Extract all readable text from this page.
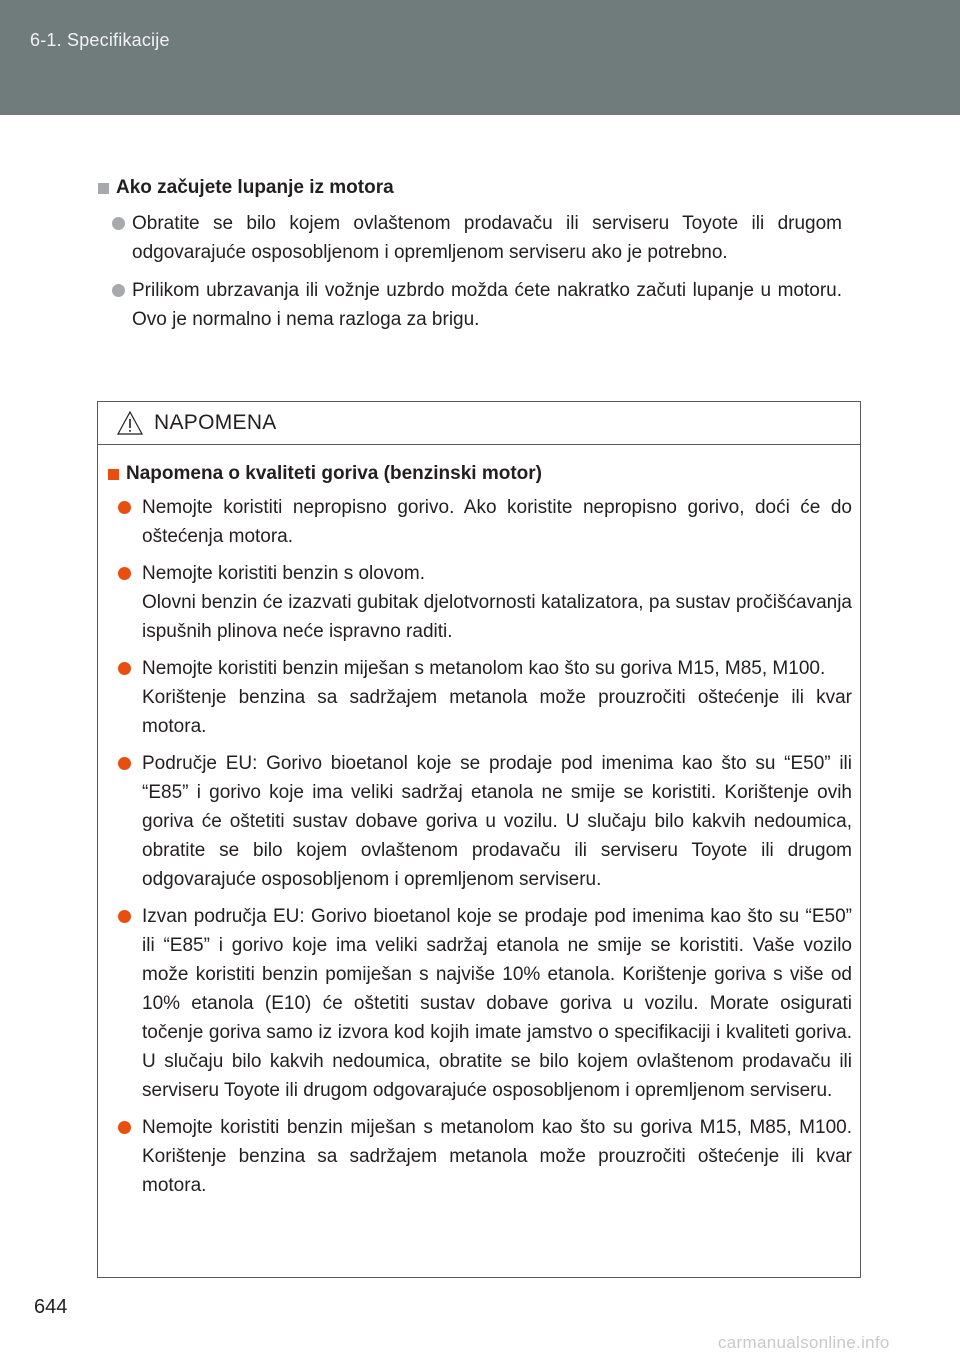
6-1. Specifikacije
Ako začujete lupanje iz motora
Obratite se bilo kojem ovlaštenom prodavaču ili serviseru Toyote ili drugom odgovarajuće osposobljenom i opremljenom serviseru ako je potrebno.
Prilikom ubrzavanja ili vožnje uzbrdo možda ćete nakratko začuti lupanje u motoru. Ovo je normalno i nema razloga za brigu.
NAPOMENA
Napomena o kvaliteti goriva (benzinski motor)
Nemojte koristiti nepropisno gorivo. Ako koristite nepropisno gorivo, doći će do oštećenja motora.
Nemojte koristiti benzin s olovom.
Olovni benzin će izazvati gubitak djelotvornosti katalizatora, pa sustav pročišćavanja ispušnih plinova neće ispravno raditi.
Nemojte koristiti benzin miješan s metanolom kao što su goriva M15, M85, M100.
Korištenje benzina sa sadržajem metanola može prouzročiti oštećenje ili kvar motora.
Područje EU: Gorivo bioetanol koje se prodaje pod imenima kao što su “E50” ili “E85” i gorivo koje ima veliki sadržaj etanola ne smije se koristiti. Korištenje ovih goriva će oštetiti sustav dobave goriva u vozilu. U slučaju bilo kakvih nedoumica, obratite se bilo kojem ovlaštenom prodavaču ili serviseru Toyote ili drugom odgovarajuće osposobljenom i opremljenom serviseru.
Izvan područja EU: Gorivo bioetanol koje se prodaje pod imenima kao što su “E50” ili “E85” i gorivo koje ima veliki sadržaj etanola ne smije se koristiti. Vaše vozilo može koristiti benzin pomiješan s najviše 10% etanola. Korištenje goriva s više od 10% etanola (E10) će oštetiti sustav dobave goriva u vozilu. Morate osigurati točenje goriva samo iz izvora kod kojih imate jamstvo o specifikaciji i kvaliteti goriva. U slučaju bilo kakvih nedoumica, obratite se bilo kojem ovlaštenom prodavaču ili serviseru Toyote ili drugom odgovarajuće osposobljenom i opremljenom serviseru.
Nemojte koristiti benzin miješan s metanolom kao što su goriva M15, M85, M100. Korištenje benzina sa sadržajem metanola može prouzročiti oštećenje ili kvar motora.
644
carmanualsonline.info
